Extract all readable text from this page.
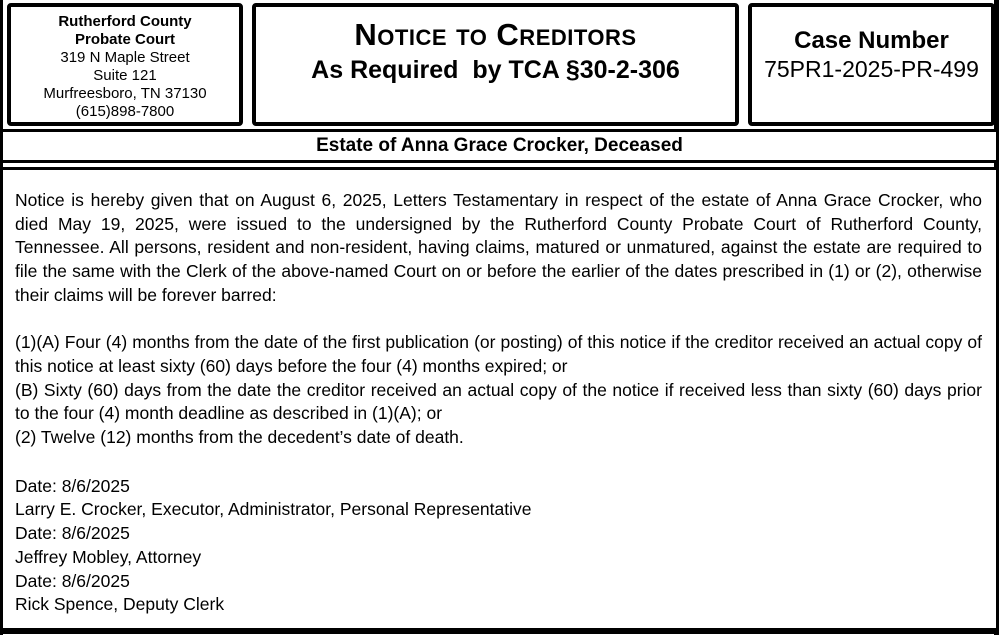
Rutherford County
Probate Court
319 N Maple Street
Suite 121
Murfreesboro, TN 37130
(615)898-7800
Notice to Creditors
As Required  by TCA §30-2-306
Case Number
75PR1-2025-PR-499
Estate of Anna Grace Crocker, Deceased

Notice is hereby given that on August 6, 2025, Letters Testamentary in respect of the estate of Anna Grace Crocker, who died May 19, 2025, were issued to the undersigned by the Rutherford County Probate Court of Rutherford County, Tennessee. All persons, resident and non-resident, having claims, matured or unmatured, against the estate are required to file the same with the Clerk of the above-named Court on or before the earlier of the dates prescribed in (1) or (2), otherwise their claims will be forever barred:

(1)(A) Four (4) months from the date of the first publication (or posting) of this notice if the creditor received an actual copy of this notice at least sixty (60) days before the four (4) months expired; or

(B) Sixty (60) days from the date the creditor received an actual copy of the notice if received less than sixty (60) days prior to the four (4) month deadline as described in (1)(A); or

(2) Twelve (12) months from the decedent’s date of death.

Date: 8/6/2025
Larry E. Crocker, Executor, Administrator, Personal Representative
Date: 8/6/2025
Jeffrey Mobley, Attorney
Date: 8/6/2025
Rick Spence, Deputy Clerk
